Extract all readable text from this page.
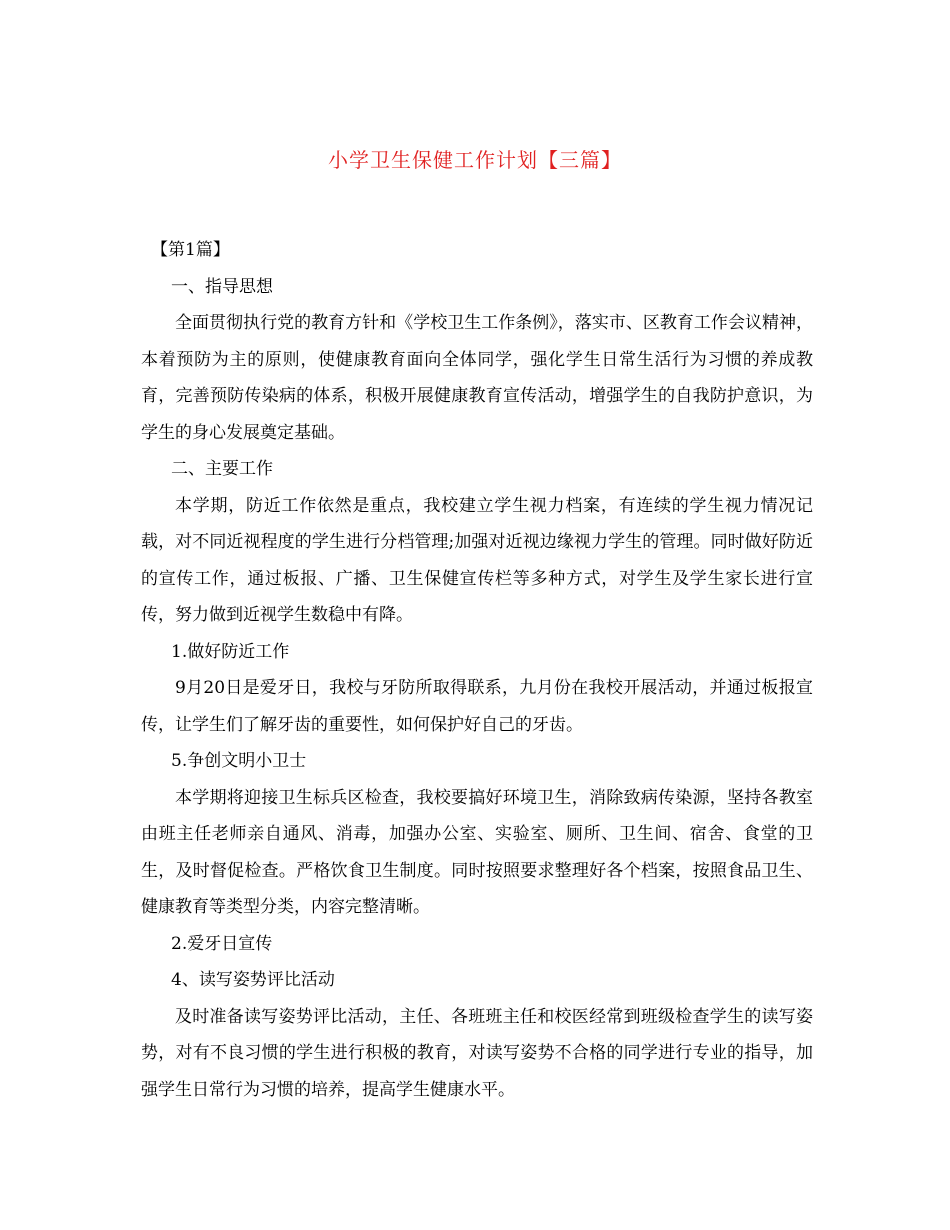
小学卫生保健工作计划【三篇】
【第1篇】
一、指导思想

全面贯彻执行党的教育方针和《学校卫生工作条例》，落实市、区教育工作会议精神，本着预防为主的原则，使健康教育面向全体同学，强化学生日常生活行为习惯的养成教育，完善预防传染病的体系，积极开展健康教育宣传活动，增强学生的自我防护意识，为学生的身心发展奠定基础。

二、主要工作

本学期，防近工作依然是重点，我校建立学生视力档案，有连续的学生视力情况记载，对不同近视程度的学生进行分档管理;加强对近视边缘视力学生的管理。同时做好防近的宣传工作，通过板报、广播、卫生保健宣传栏等多种方式，对学生及学生家长进行宣传，努力做到近视学生数稳中有降。

1.做好防近工作

9月20日是爱牙日，我校与牙防所取得联系，九月份在我校开展活动，并通过板报宣传，让学生们了解牙齿的重要性，如何保护好自己的牙齿。

5.争创文明小卫士

本学期将迎接卫生标兵区检查，我校要搞好环境卫生，消除致病传染源，坚持各教室由班主任老师亲自通风、消毒，加强办公室、实验室、厕所、卫生间、宿舍、食堂的卫生，及时督促检查。严格饮食卫生制度。同时按照要求整理好各个档案，按照食品卫生、健康教育等类型分类，内容完整清晰。

2.爱牙日宣传
4、读写姿势评比活动

及时准备读写姿势评比活动，主任、各班班主任和校医经常到班级检查学生的读写姿势，对有不良习惯的学生进行积极的教育，对读写姿势不合格的同学进行专业的指导，加强学生日常行为习惯的培养，提高学生健康水平。
